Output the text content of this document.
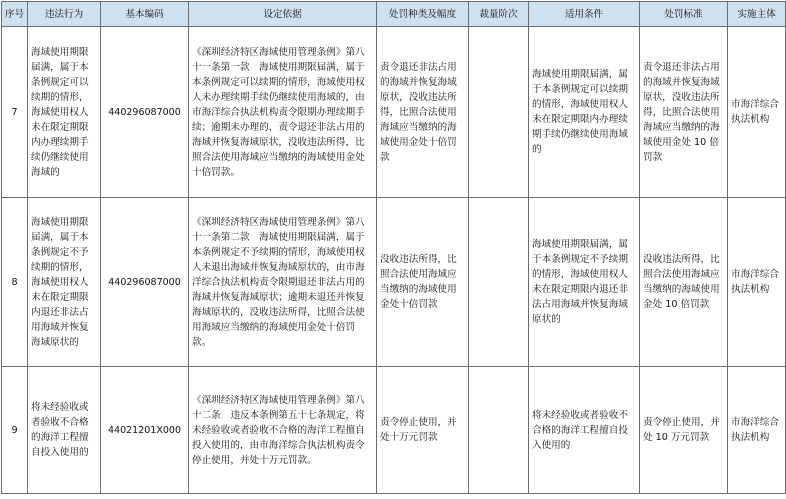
序号	违法行为	基本编码	设定依据	处罚种类及幅度	裁量阶次	适用条件	处罚标准	实施主体
7	海域使用期限届满，属于本条例规定可以续期的情形，海域使用权人未在限定期限内办理续期手续仍继续使用海域的	440296087000	《深圳经济特区海域使用管理条例》第八十一条第一款　海域使用期限届满，属于本条例规定可以续期的情形，海域使用权人未办理续期手续仍继续使用海域的，由市海洋综合执法机构责令限期办理续期手续；逾期未办理的，责令退还非法占用的海域并恢复海域原状，没收违法所得，比照合法使用海域应当缴纳的海域使用金处十倍罚款。	责令退还非法占用的海域并恢复海域原状，没收违法所得，比照合法使用海域应当缴纳的海域使用金处十倍罚款		海域使用期限届满，属于本条例规定可以续期的情形，海域使用权人未在限定期限内办理续期手续仍继续使用海域的	责令退还非法占用的海域并恢复海域原状，没收违法所得，比照合法使用海域应当缴纳的海域使用金处 10 倍罚款	市海洋综合执法机构
8	海域使用期限届满，属于本条例规定不予续期的情形，海域使用权人未在限定期限内退还非法占用海域并恢复海域原状的	440296087000	《深圳经济特区海域使用管理条例》第八十一条第二款　海域使用期限届满，属于本条例规定不予续期的情形，海域使用权人未退出海域并恢复海域原状的，由市海洋综合执法机构责令限期退还非法占用的海域并恢复海域原状；逾期未退还并恢复海域原状的，没收违法所得，比照合法使用海域应当缴纳的海域使用金处十倍罚款。	没收违法所得，比照合法使用海域应当缴纳的海域使用金处十倍罚款		海域使用期限届满，属于本条例规定不予续期的情形，海域使用权人未在限定期限内退还非法占用海域并恢复海域原状的	没收违法所得，比照合法使用海域应当缴纳的海域使用金处 10 倍罚款	市海洋综合执法机构
9	将未经验收或者验收不合格的海洋工程擅自投入使用的	44021201X000	《深圳经济特区海域使用管理条例》第八十二条　违反本条例第五十七条规定，将未经验收或者验收不合格的海洋工程擅自投入使用的，由市海洋综合执法机构责令停止使用，并处十万元罚款。	责令停止使用，并处十万元罚款		将未经验收或者验收不合格的海洋工程擅自投入使用的	责令停止使用，并处 10 万元罚款	市海洋综合执法机构
